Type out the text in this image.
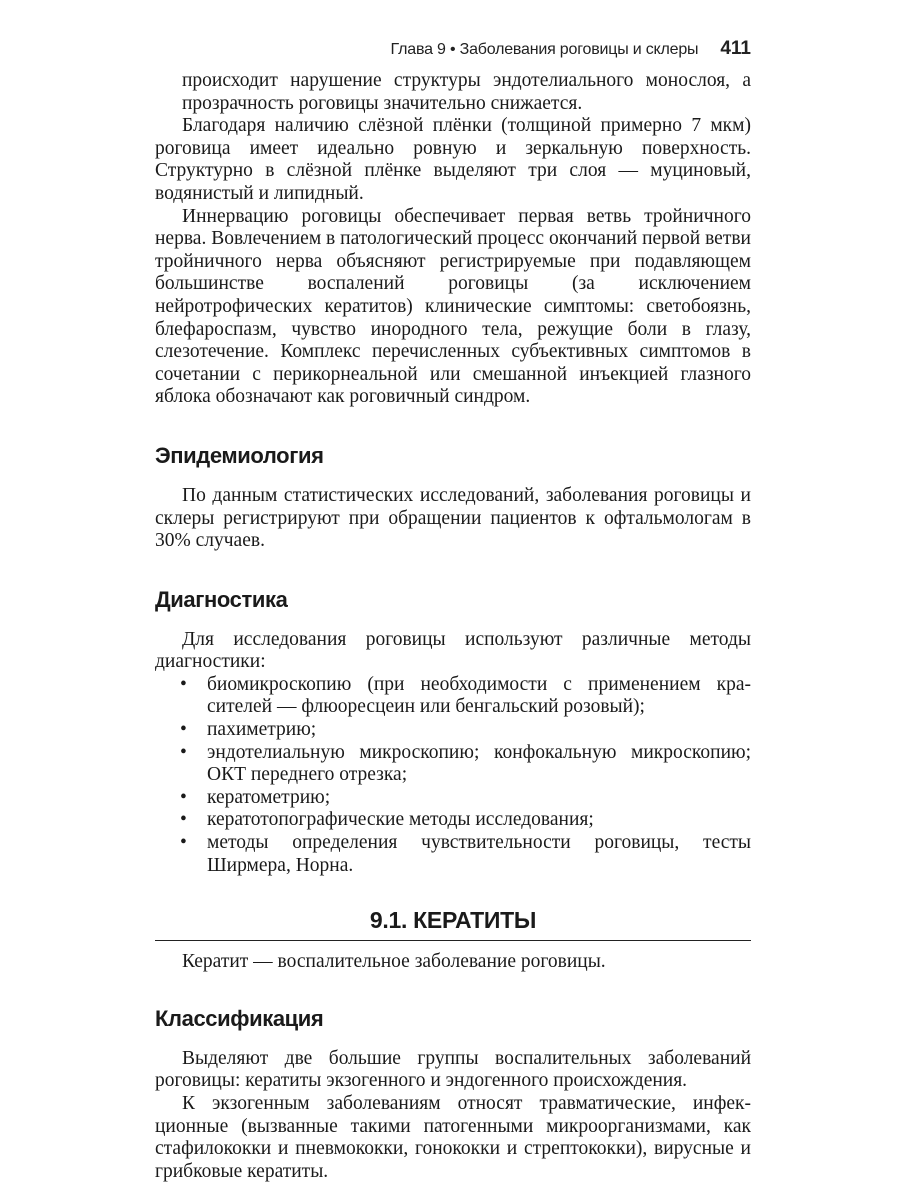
Глава 9 • Заболевания роговицы и склеры 411

происходит нарушение структуры эндотелиального монослоя, а прозрачность роговицы значительно снижается.

Благодаря наличию слёзной плёнки (толщиной примерно 7 мкм) роговица имеет идеально ровную и зеркальную поверхность. Структурно в слёзной плёнке выделяют три слоя — муциновый, водянистый и липидный.

Иннервацию роговицы обеспечивает первая ветвь тройничного нерва. Вовлечением в патологический процесс окончаний первой ветви тройничного нерва объясняют регистрируемые при подавляющем большинстве воспалений роговицы (за исключением нейротрофических кератитов) клинические симптомы: светобоязнь, блефароспазм, чувство инородного тела, режущие боли в глазу, слезотечение. Комплекс перечисленных субъективных симптомов в сочетании с перикорнеальной или смешанной инъекцией глазного яблока обозначают как роговичный синдром.

Эпидемиология

По данным статистических исследований, заболевания роговицы и склеры регистрируют при обращении пациентов к офтальмологам в 30% случаев.

Диагностика

Для исследования роговицы используют различные методы диагностики:

• биомикроскопию (при необходимости с применением красителей — флюоресцеин или бенгальский розовый);
• пахиметрию;
• эндотелиальную микроскопию; конфокальную микроскопию; ОКТ переднего отрезка;
• кератометрию;
• кератотопографические методы исследования;
• методы определения чувствительности роговицы, тесты Ширмера, Норна.
9.1. КЕРАТИТЫ

Кератит — воспалительное заболевание роговицы.

Классификация

Выделяют две большие группы воспалительных заболеваний роговицы: кератиты экзогенного и эндогенного происхождения.

К экзогенным заболеваниям относят травматические, инфекционные (вызванные такими патогенными микроорганизмами, как стафилококки и пневмококки, гонококки и стрептококки), вирусные и грибковые кератиты.
